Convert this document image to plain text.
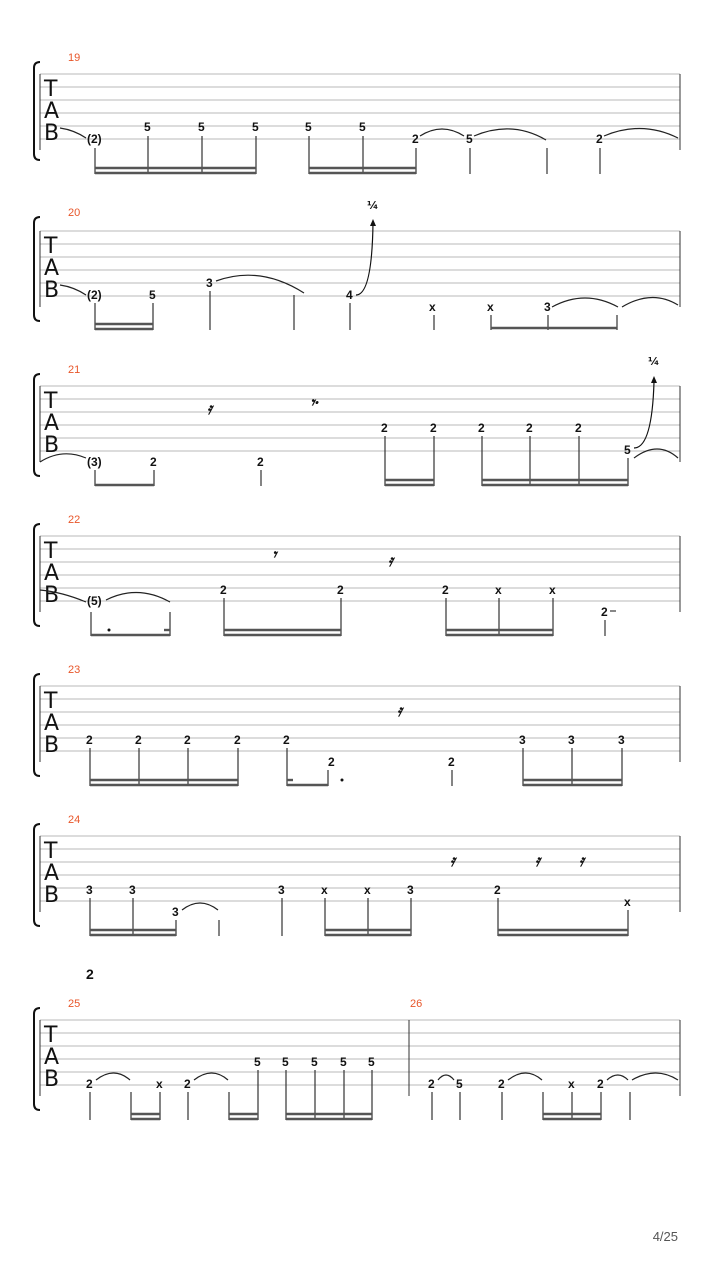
19
T
A
B (2)
5	5	5	5	5
2	5	2
20
T
A
B (2)	5
3
4
x	x	3
¼
21
T
A
B
𝄿	𝄾·
(3)	2	2
2	2	2	2	2
5
¼
22
T
A
B
𝄾	𝄿
(5)
2	2	2	x	x
2
23
T
A
B
𝄿
2	2	2	2	2
2	2
3	3	3
24
T
A
B
𝄿	𝄿 𝄿
3	3
3
3	x	x	3	2
x
2
25	26
T
A
B 2	x 2
5 5 5 5 5
2 5	2	x 2
4/25
